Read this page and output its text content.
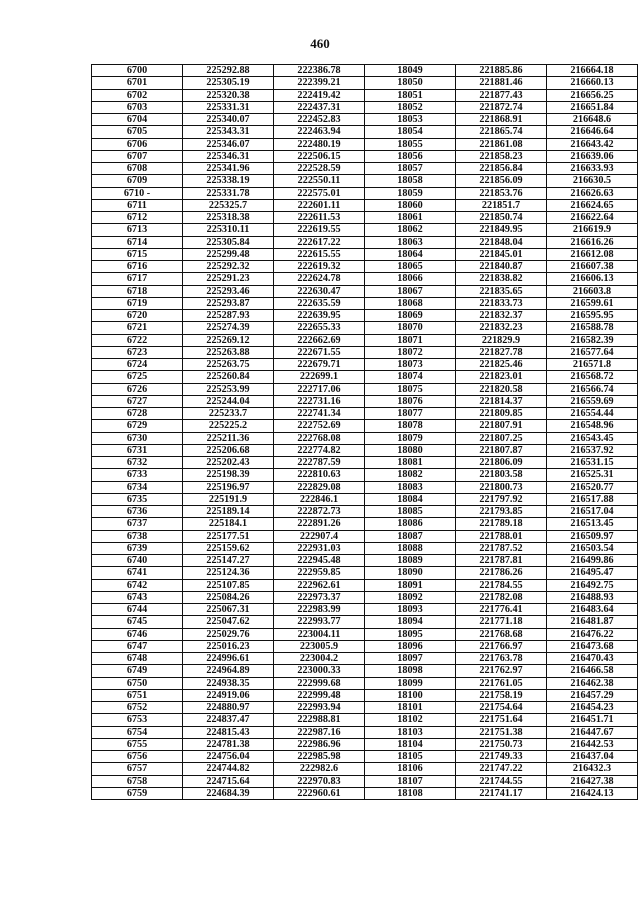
460
6700	225292.88	222386.78	18049	221885.86	216664.18
6701	225305.19	222399.21	18050	221881.46	216660.13
6702	225320.38	222419.42	18051	221877.43	216656.25
6703	225331.31	222437.31	18052	221872.74	216651.84
6704	225340.07	222452.83	18053	221868.91	216648.6
6705	225343.31	222463.94	18054	221865.74	216646.64
6706	225346.07	222480.19	18055	221861.08	216643.42
6707	225346.31	222506.15	18056	221858.23	216639.06
6708	225341.96	222528.59	18057	221856.84	216633.93
6709	225338.19	222550.11	18058	221856.09	216630.5
6710 -	225331.78	222575.01	18059	221853.76	216626.63
6711	225325.7	222601.11	18060	221851.7	216624.65
6712	225318.38	222611.53	18061	221850.74	216622.64
6713	225310.11	222619.55	18062	221849.95	216619.9
6714	225305.84	222617.22	18063	221848.04	216616.26
6715	225299.48	222615.55	18064	221845.01	216612.08
6716	225292.32	222619.32	18065	221840.87	216607.38
6717	225291.23	222624.78	18066	221838.82	216606.13
6718	225293.46	222630.47	18067	221835.65	216603.8
6719	225293.87	222635.59	18068	221833.73	216599.61
6720	225287.93	222639.95	18069	221832.37	216595.95
6721	225274.39	222655.33	18070	221832.23	216588.78
6722	225269.12	222662.69	18071	221829.9	216582.39
6723	225263.88	222671.55	18072	221827.78	216577.64
6724	225263.75	222679.71	18073	221825.46	216571.8
6725	225260.84	222699.1	18074	221823.01	216568.72
6726	225253.99	222717.06	18075	221820.58	216566.74
6727	225244.04	222731.16	18076	221814.37	216559.69
6728	225233.7	222741.34	18077	221809.85	216554.44
6729	225225.2	222752.69	18078	221807.91	216548.96
6730	225211.36	222768.08	18079	221807.25	216543.45
6731	225206.68	222774.82	18080	221807.87	216537.92
6732	225202.43	222787.59	18081	221806.09	216531.15
6733	225198.39	222810.63	18082	221803.58	216525.31
6734	225196.97	222829.08	18083	221800.73	216520.77
6735	225191.9	222846.1	18084	221797.92	216517.88
6736	225189.14	222872.73	18085	221793.85	216517.04
6737	225184.1	222891.26	18086	221789.18	216513.45
6738	225177.51	222907.4	18087	221788.01	216509.97
6739	225159.62	222931.03	18088	221787.52	216503.54
6740	225147.27	222945.48	18089	221787.81	216499.86
6741	225124.36	222959.85	18090	221786.26	216495.47
6742	225107.85	222962.61	18091	221784.55	216492.75
6743	225084.26	222973.37	18092	221782.08	216488.93
6744	225067.31	222983.99	18093	221776.41	216483.64
6745	225047.62	222993.77	18094	221771.18	216481.87
6746	225029.76	223004.11	18095	221768.68	216476.22
6747	225016.23	223005.9	18096	221766.97	216473.68
6748	224996.61	223004.2	18097	221763.78	216470.43
6749	224964.89	223000.33	18098	221762.97	216466.58
6750	224938.35	222999.68	18099	221761.05	216462.38
6751	224919.06	222999.48	18100	221758.19	216457.29
6752	224880.97	222993.94	18101	221754.64	216454.23
6753	224837.47	222988.81	18102	221751.64	216451.71
6754	224815.43	222987.16	18103	221751.38	216447.67
6755	224781.38	222986.96	18104	221750.73	216442.53
6756	224756.04	222985.98	18105	221749.33	216437.04
6757	224744.82	222982.6	18106	221747.22	216432.3
6758	224715.64	222970.83	18107	221744.55	216427.38
6759	224684.39	222960.61	18108	221741.17	216424.13
